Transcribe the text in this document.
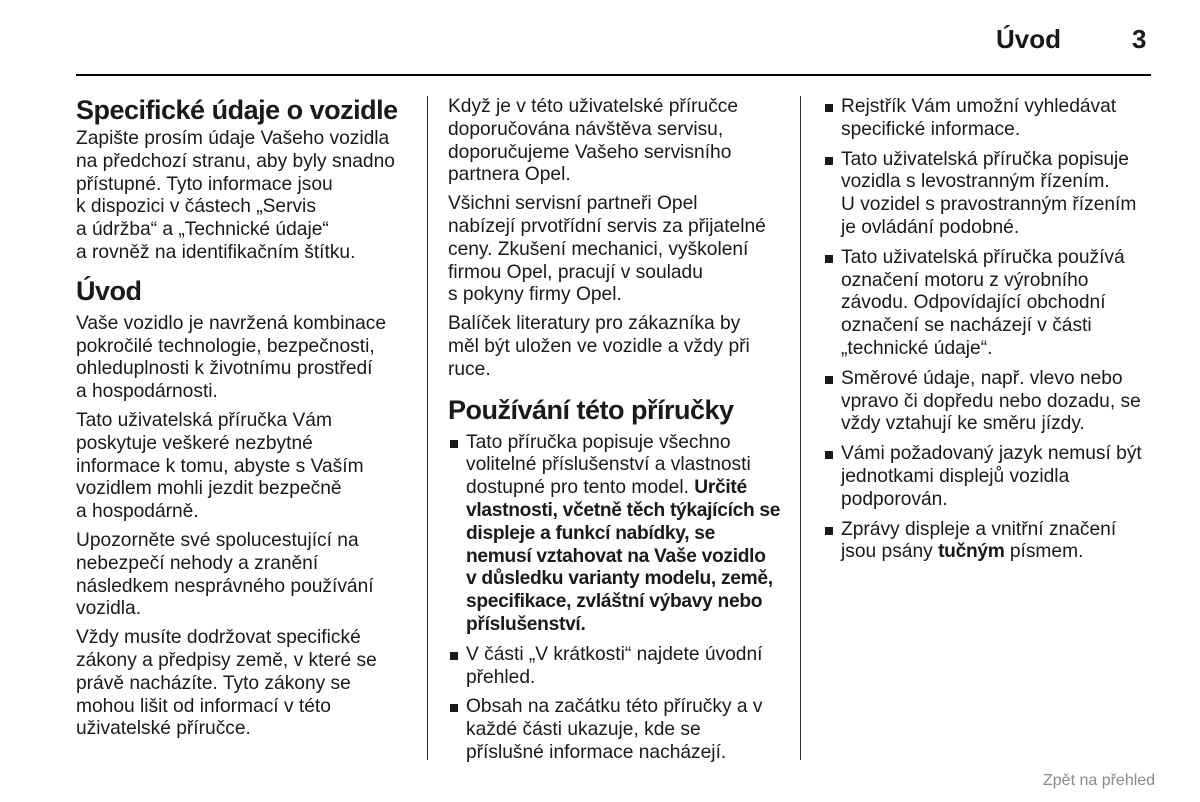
Úvod	3
Specifické údaje o vozidle

Zapište prosím údaje Vašeho vozidla
na předchozí stranu, aby byly snadno
přístupné. Tyto informace jsou
k dispozici v částech „Servis
a údržba“ a „Technické údaje“
a rovněž na identifikačním štítku.

Úvod

Vaše vozidlo je navržená kombinace
pokročilé technologie, bezpečnosti,
ohleduplnosti k životnímu prostředí
a hospodárnosti.

Tato uživatelská příručka Vám
poskytuje veškeré nezbytné
informace k tomu, abyste s Vaším
vozidlem mohli jezdit bezpečně
a hospodárně.

Upozorněte své spolucestující na
nebezpečí nehody a zranění
následkem nesprávného používání
vozidla.

Vždy musíte dodržovat specifické
zákony a předpisy země, v které se
právě nacházíte. Tyto zákony se
mohou lišit od informací v této
uživatelské příručce.

Když je v této uživatelské příručce
doporučována návštěva servisu,
doporučujeme Vašeho servisního
partnera Opel.

Všichni servisní partneři Opel
nabízejí prvotřídní servis za přijatelné
ceny. Zkušení mechanici, vyškolení
firmou Opel, pracují v souladu
s pokyny firmy Opel.

Balíček literatury pro zákazníka by
měl být uložen ve vozidle a vždy při
ruce.

Používání této příručky
Tato příručka popisuje všechno
volitelné příslušenství a vlastnosti
dostupné pro tento model. Určité
vlastnosti, včetně těch týkajících se
displeje a funkcí nabídky, se
nemusí vztahovat na Vaše vozidlo
v důsledku varianty modelu, země,
specifikace, zvláštní výbavy nebo
příslušenství.
V části „V krátkosti“ najdete úvodní
přehled.
Obsah na začátku této příručky a v
každé části ukazuje, kde se
příslušné informace nacházejí.
Rejstřík Vám umožní vyhledávat
specifické informace.
Tato uživatelská příručka popisuje
vozidla s levostranným řízením.
U vozidel s pravostranným řízením
je ovládání podobné.
Tato uživatelská příručka používá
označení motoru z výrobního
závodu. Odpovídající obchodní
označení se nacházejí v části
„technické údaje“.
Směrové údaje, např. vlevo nebo
vpravo či dopředu nebo dozadu, se
vždy vztahují ke směru jízdy.
Vámi požadovaný jazyk nemusí být
jednotkami displejů vozidla
podporován.
Zprávy displeje a vnitřní značení
jsou psány tučným písmem.
Zpět na přehled
